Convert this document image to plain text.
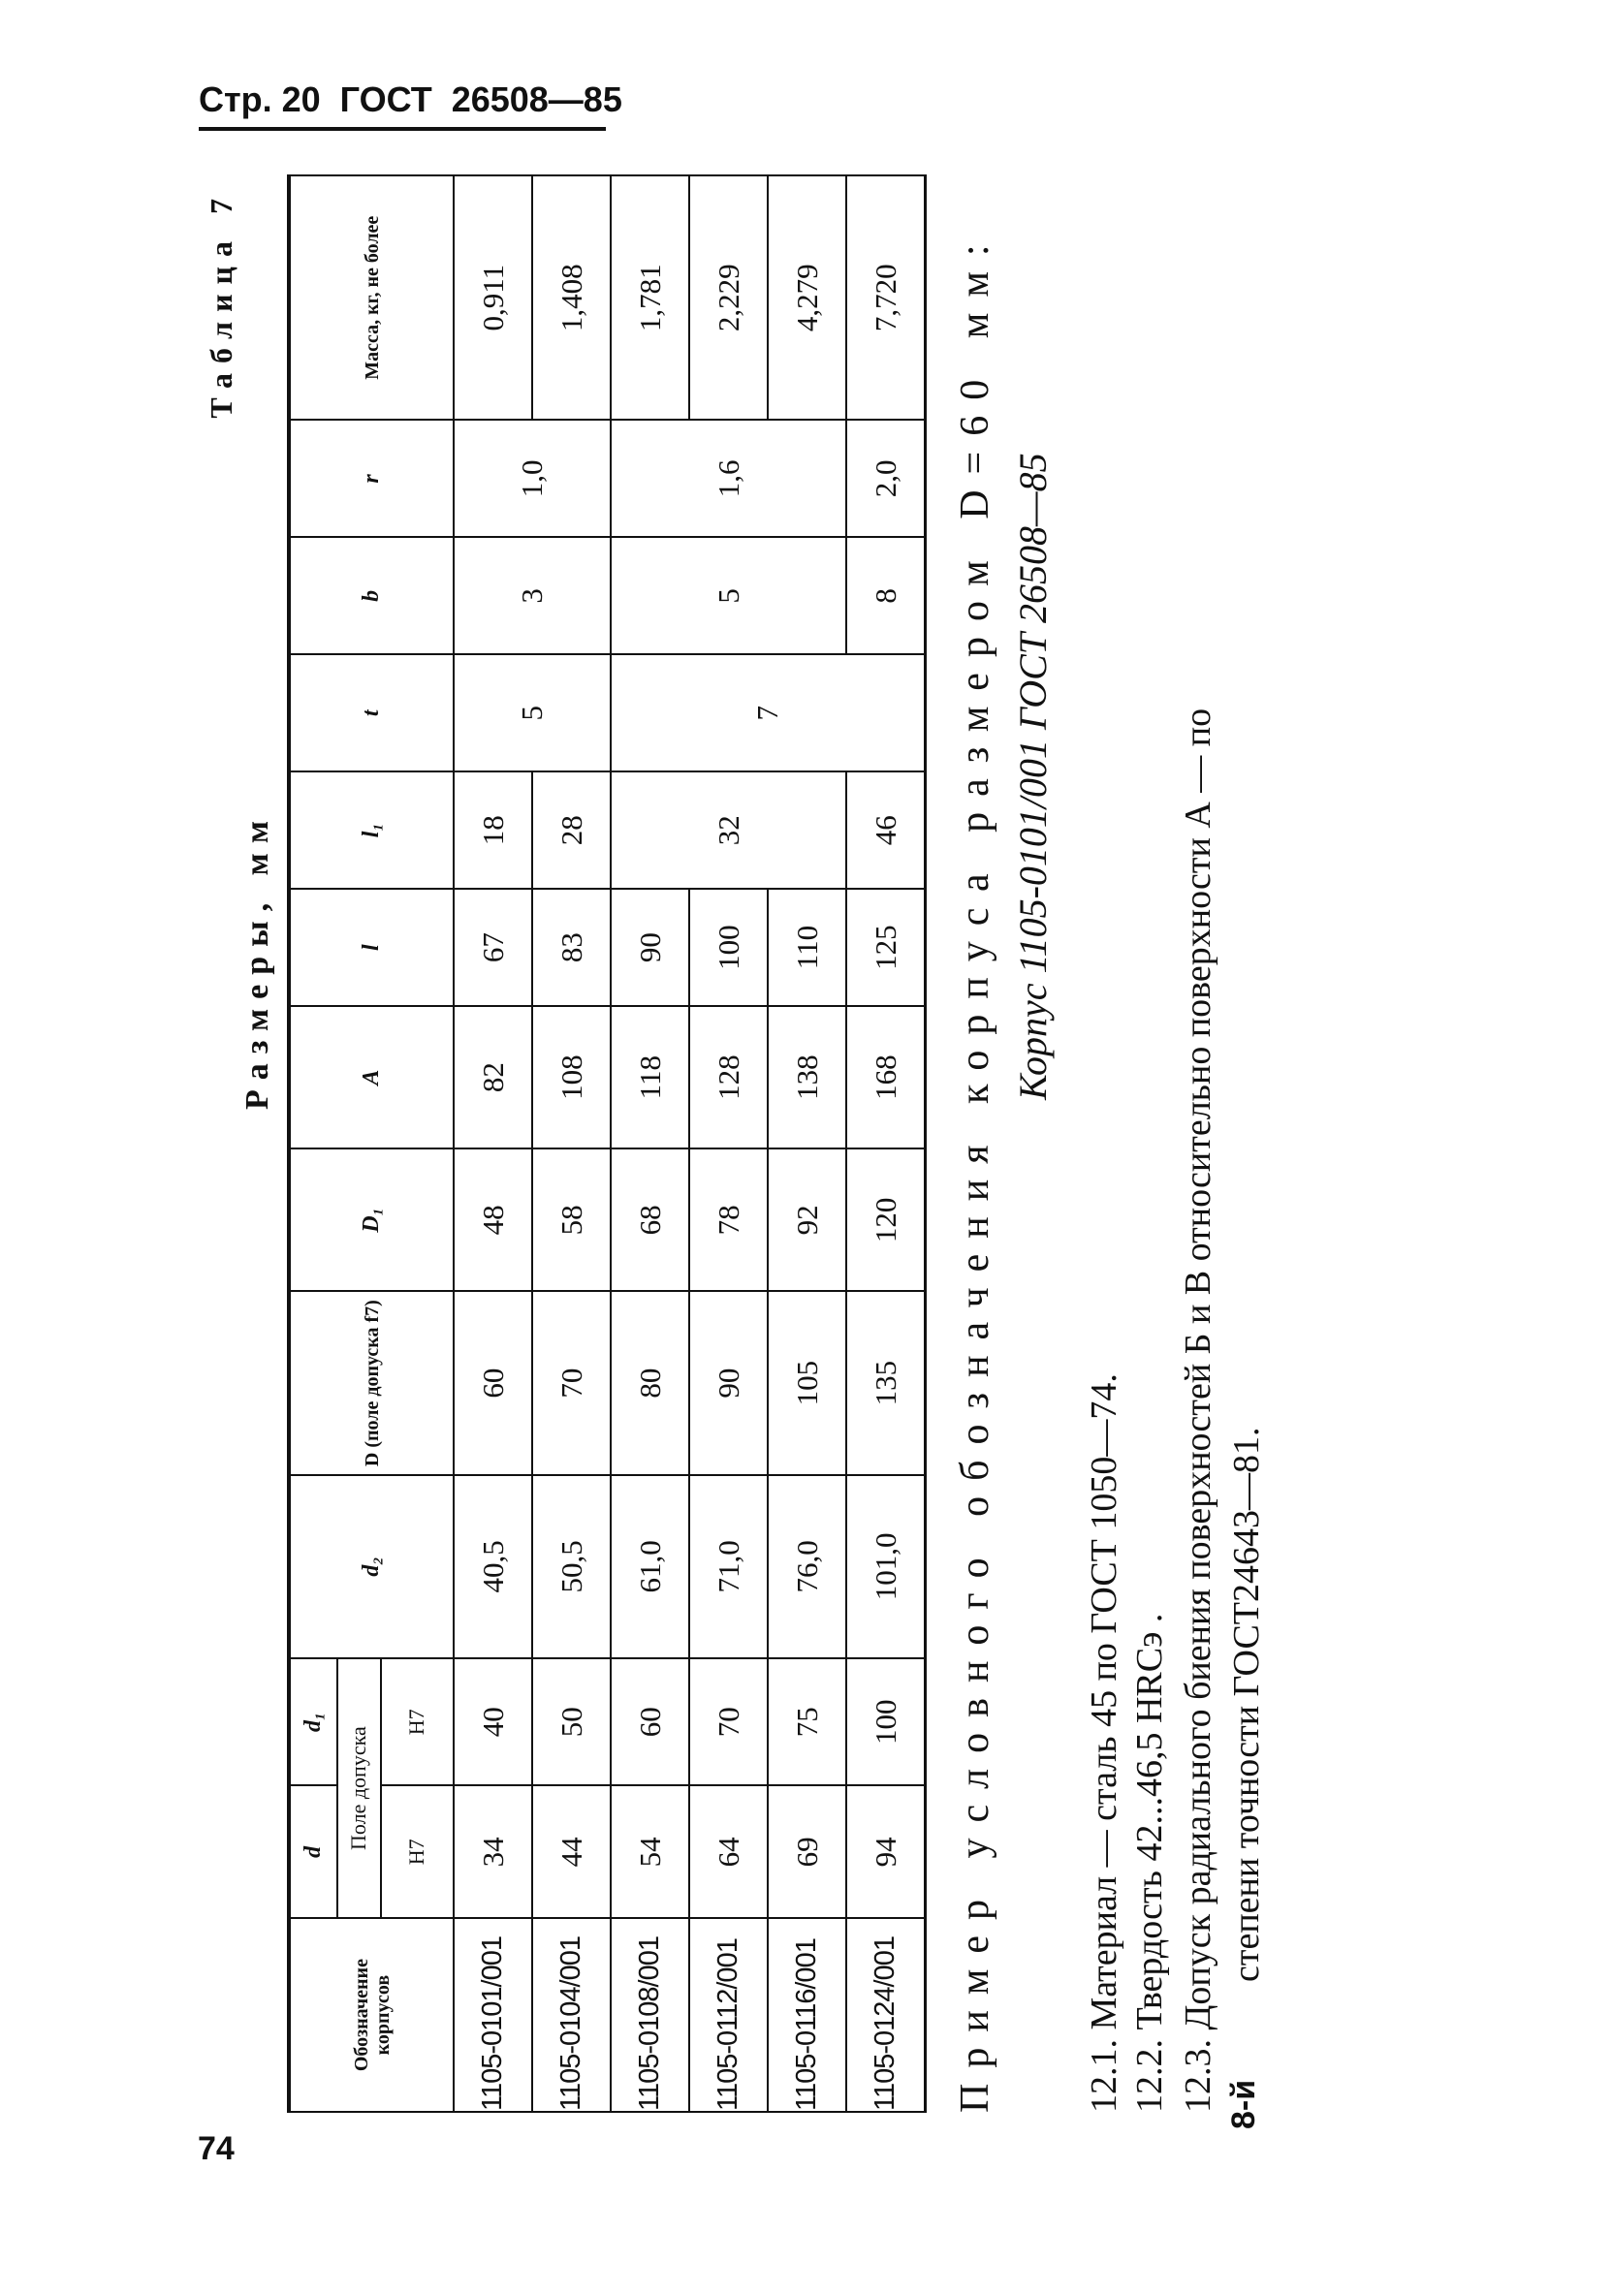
Стр. 20 ГОСТ 26508—85
74
Таблица 7
Размеры, мм
Обозначение корпусов	d	d₁	d₂	D (поле допуска f7)	D₁	A	l	l₁	t	b	r	Масса, кг, не более
	Поле допуска											
	H7	H7										
1105-0101/001	34	40	40,5	60	48	82	67	18	5	3	1,0	0,911
1105-0104/001	44	50	50,5	70	58	108	83	28				1,408
1105-0108/001	54	60	61,0	80	68	118	90	32	7	5	1,6	1,781
1105-0112/001	64	70	71,0	90	78	128	100					2,229
1105-0116/001	69	75	76,0	105	92	138	110					4,279
1105-0124/001	94	100	101,0	135	120	168	125	46		8	2,0	7,720 Пример условного обозначения корпуса размером D=60 мм: Корпус 1105-0101/001 ГОСТ 26508—85
12.1. Материал — сталь 45 по ГОСТ 1050—74. 12.2. Твердость 42...46,5 HRCэ . 12.3. Допуск радиального биения поверхностей Б и В относительно поверхности А — по степени точности ГОСТ24643—81.
8-й
